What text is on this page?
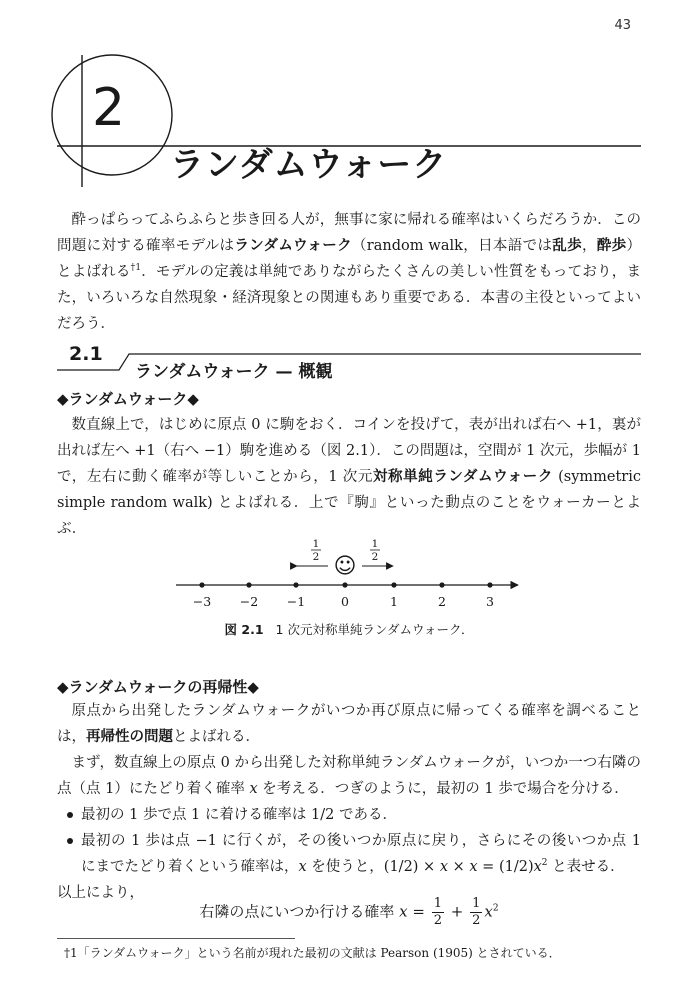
43
2
ランダムウォーク

酔っぱらってふらふらと歩き回る人が，無事に家に帰れる確率はいくらだろうか．この問題に対する確率モデルはランダムウォーク（random walk，日本語では乱歩，酔歩）とよばれる$^{\dagger 1}$．モデルの定義は単純でありながらたくさんの美しい性質をもっており，また，いろいろな自然現象・経済現象との関連もあり重要である．本書の主役といってよいだろう．

2.1
ランダムウォーク — 概観
◆ランダムウォーク◆

数直線上で，はじめに原点 0 に駒をおく．コインを投げて，表が出れば右へ +1，裏が出れば左へ +1（右へ −1）駒を進める（図 2.1）．この問題は，空間が 1 次元，歩幅が 1 で，左右に動く確率が等しいことから，1 次元対称単純ランダムウォーク (symmetric simple random walk) とよばれる．上で『駒』といった動点のことをウォーカーとよぶ．

−3 −2 −1	0	1	2	3
☺
1
2
1
2
図 2.1 1 次元対称単純ランダムウォーク．
◆ランダムウォークの再帰性◆

原点から出発したランダムウォークがいつか再び原点に帰ってくる確率を調べることは，再帰性の問題とよばれる．

まず，数直線上の原点 0 から出発した対称単純ランダムウォークが，いつか一つ右隣の点（点 1）にたどり着く確率 x を考える．つぎのように，最初の 1 歩で場合を分ける．

最初の 1 歩で点 1 に着ける確率は 1/2 である．
最初の 1 歩は点 −1 に行くが，その後いつか原点に戻り，さらにその後いつか点 1 にまでたどり着くという確率は，x を使うと，$(1/2) \times x \times x = (1/2)x^2$ と表せる．
以上により，
右隣の点にいつか行ける確率 $x = \frac{1}{2} + \frac{1}{2} x^2$
†1「ランダムウォーク」という名前が現れた最初の文献は Pearson (1905) とされている．
